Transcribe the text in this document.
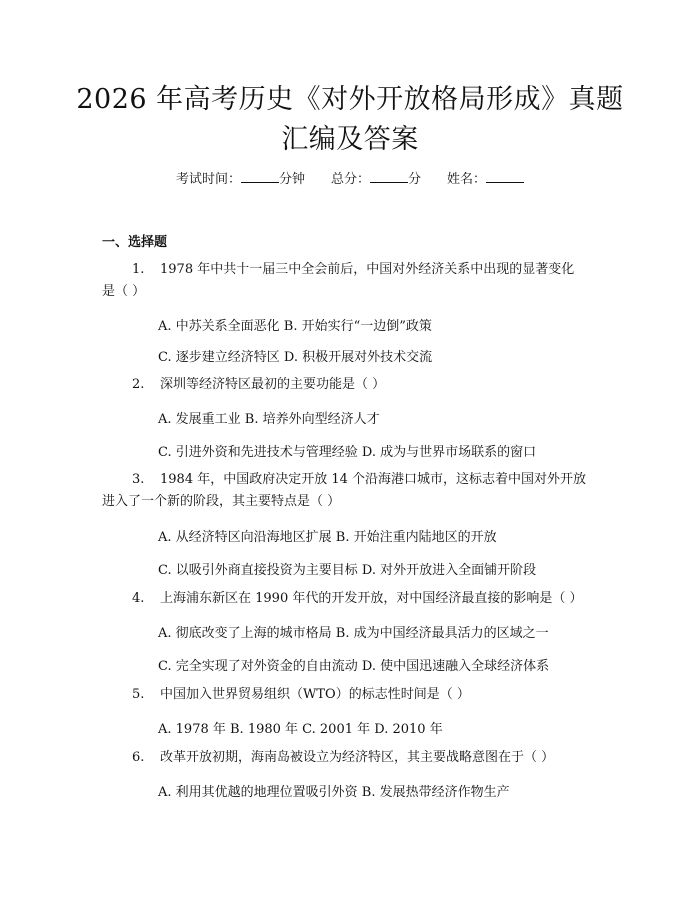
2026 年高考历史《对外开放格局形成》真题
汇编及答案
考试时间：	分钟 总分：	分 姓名：
一、选择题
1. 1978 年中共十一届三中全会前后，中国对外经济关系中出现的显著变化
是（ ）
A. 中苏关系全面恶化 B. 开始实行“一边倒”政策
C. 逐步建立经济特区 D. 积极开展对外技术交流
2. 深圳等经济特区最初的主要功能是（ ）
A. 发展重工业 B. 培养外向型经济人才
C. 引进外资和先进技术与管理经验 D. 成为与世界市场联系的窗口
3. 1984 年，中国政府决定开放 14 个沿海港口城市，这标志着中国对外开放
进入了一个新的阶段，其主要特点是（ ）
A. 从经济特区向沿海地区扩展 B. 开始注重内陆地区的开放
C. 以吸引外商直接投资为主要目标 D. 对外开放进入全面铺开阶段
4. 上海浦东新区在 1990 年代的开发开放，对中国经济最直接的影响是（ ）
A. 彻底改变了上海的城市格局 B. 成为中国经济最具活力的区域之一
C. 完全实现了对外资金的自由流动 D. 使中国迅速融入全球经济体系
5. 中国加入世界贸易组织（WTO）的标志性时间是（ ）
A. 1978 年 B. 1980 年 C. 2001 年 D. 2010 年
6. 改革开放初期，海南岛被设立为经济特区，其主要战略意图在于（ ）
A. 利用其优越的地理位置吸引外资 B. 发展热带经济作物生产
